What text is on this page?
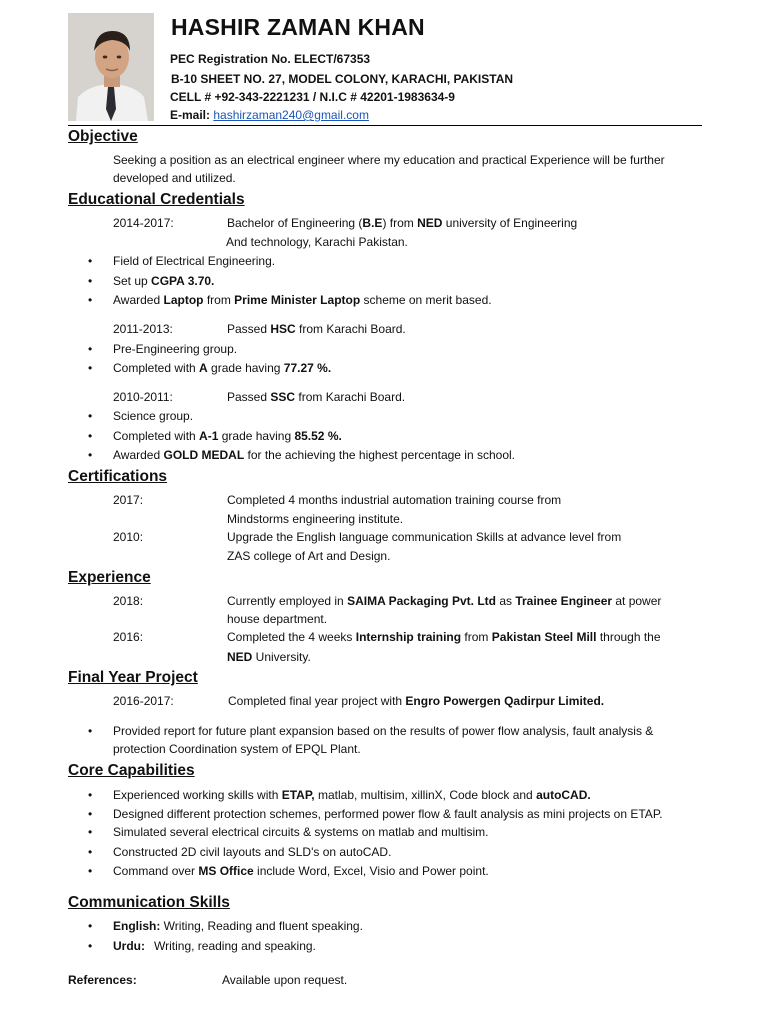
HASHIR ZAMAN KHAN
PEC Registration No. ELECT/67353
B-10 SHEET NO. 27, MODEL COLONY, KARACHI, PAKISTAN
CELL # +92-343-2221231 / N.I.C # 42201-1983634-9
E-mail: hashirzaman240@gmail.com
Objective
Seeking a position as an electrical engineer where my education and practical Experience will be further
developed and utilized.
Educational Credentials
2014-2017:	Bachelor of Engineering (B.E) from NED university of Engineering
And technology, Karachi Pakistan.
Field of Electrical Engineering.
Set up CGPA 3.70.
Awarded Laptop from Prime Minister Laptop scheme on merit based.
2011-2013:	Passed HSC from Karachi Board.
Pre-Engineering group.
Completed with A grade having 77.27 %.
2010-2011:	Passed SSC from Karachi Board.
Science group.
Completed with A-1 grade having 85.52 %.
Awarded GOLD MEDAL for the achieving the highest percentage in school.
Certifications
2017:	Completed 4 months industrial automation training course from
Mindstorms engineering institute.
2010:	Upgrade the English language communication Skills at advance level from
ZAS college of Art and Design.
Experience
2018:	Currently employed in SAIMA Packaging Pvt. Ltd as Trainee Engineer at power
house department.
2016:	Completed the 4 weeks Internship training from Pakistan Steel Mill through the
NED University.
Final Year Project
2016-2017:	Completed final year project with Engro Powergen Qadirpur Limited.
Provided report for future plant expansion based on the results of power flow analysis, fault analysis &
protection Coordination system of EPQL Plant.
Core Capabilities
Experienced working skills with ETAP, matlab, multisim, xillinX, Code block and autoCAD.
Designed different protection schemes, performed power flow & fault analysis as mini projects on ETAP.
Simulated several electrical circuits & systems on matlab and multisim.
Constructed 2D civil layouts and SLD's on autoCAD.
Command over MS Office include Word, Excel, Visio and Power point.
Communication Skills
English: Writing, Reading and fluent speaking.
Urdu: Writing, reading and speaking.
References:	Available upon request.
